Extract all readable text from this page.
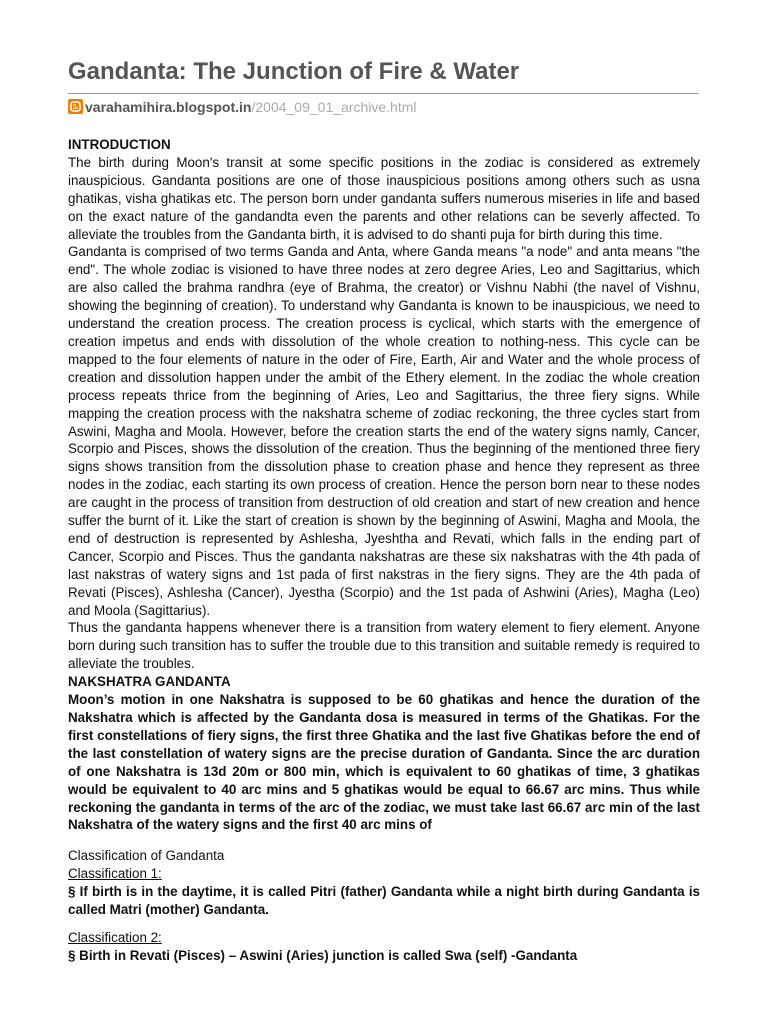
Gandanta: The Junction of Fire & Water
varahamihira.blogspot.in/2004_09_01_archive.html

INTRODUCTION

The birth during Moon's transit at some specific positions in the zodiac is considered as extremely inauspicious. Gandanta positions are one of those inauspicious positions among others such as usna ghatikas, visha ghatikas etc. The person born under gandanta suffers numerous miseries in life and based on the exact nature of the gandandta even the parents and other relations can be severly affected. To alleviate the troubles from the Gandanta birth, it is advised to do shanti puja for birth during this time.

Gandanta is comprised of two terms Ganda and Anta, where Ganda means "a node" and anta means "the end". The whole zodiac is visioned to have three nodes at zero degree Aries, Leo and Sagittarius, which are also called the brahma randhra (eye of Brahma, the creator) or Vishnu Nabhi (the navel of Vishnu, showing the beginning of creation). To understand why Gandanta is known to be inauspicious, we need to understand the creation process. The creation process is cyclical, which starts with the emergence of creation impetus and ends with dissolution of the whole creation to nothing-ness. This cycle can be mapped to the four elements of nature in the oder of Fire, Earth, Air and Water and the whole process of creation and dissolution happen under the ambit of the Ethery element. In the zodiac the whole creation process repeats thrice from the beginning of Aries, Leo and Sagittarius, the three fiery signs. While mapping the creation process with the nakshatra scheme of zodiac reckoning, the three cycles start from Aswini, Magha and Moola. However, before the creation starts the end of the watery signs namly, Cancer, Scorpio and Pisces, shows the dissolution of the creation. Thus the beginning of the mentioned three fiery signs shows transition from the dissolution phase to creation phase and hence they represent as three nodes in the zodiac, each starting its own process of creation. Hence the person born near to these nodes are caught in the process of transition from destruction of old creation and start of new creation and hence suffer the burnt of it. Like the start of creation is shown by the beginning of Aswini, Magha and Moola, the end of destruction is represented by Ashlesha, Jyeshtha and Revati, which falls in the ending part of Cancer, Scorpio and Pisces. Thus the gandanta nakshatras are these six nakshatras with the 4th pada of last nakstras of watery signs and 1st pada of first nakstras in the fiery signs. They are the 4th pada of Revati (Pisces), Ashlesha (Cancer), Jyestha (Scorpio) and the 1st pada of Ashwini (Aries), Magha (Leo) and Moola (Sagittarius).

Thus the gandanta happens whenever there is a transition from watery element to fiery element. Anyone born during such transition has to suffer the trouble due to this transition and suitable remedy is required to alleviate the troubles.

NAKSHATRA GANDANTA

Moon’s motion in one Nakshatra is supposed to be 60 ghatikas and hence the duration of the Nakshatra which is affected by the Gandanta dosa is measured in terms of the Ghatikas. For the first constellations of fiery signs, the first three Ghatika and the last five Ghatikas before the end of the last constellation of watery signs are the precise duration of Gandanta. Since the arc duration of one Nakshatra is 13d 20m or 800 min, which is equivalent to 60 ghatikas of time, 3 ghatikas would be equivalent to 40 arc mins and 5 ghatikas would be equal to 66.67 arc mins. Thus while reckoning the gandanta in terms of the arc of the zodiac, we must take last 66.67 arc min of the last Nakshatra of the watery signs and the first 40 arc mins of

Classification of Gandanta

Classification 1:

§ If birth is in the daytime, it is called Pitri (father) Gandanta while a night birth during Gandanta is called Matri (mother) Gandanta.

Classification 2:

§ Birth in Revati (Pisces) – Aswini (Aries) junction is called Swa (self) -Gandanta
